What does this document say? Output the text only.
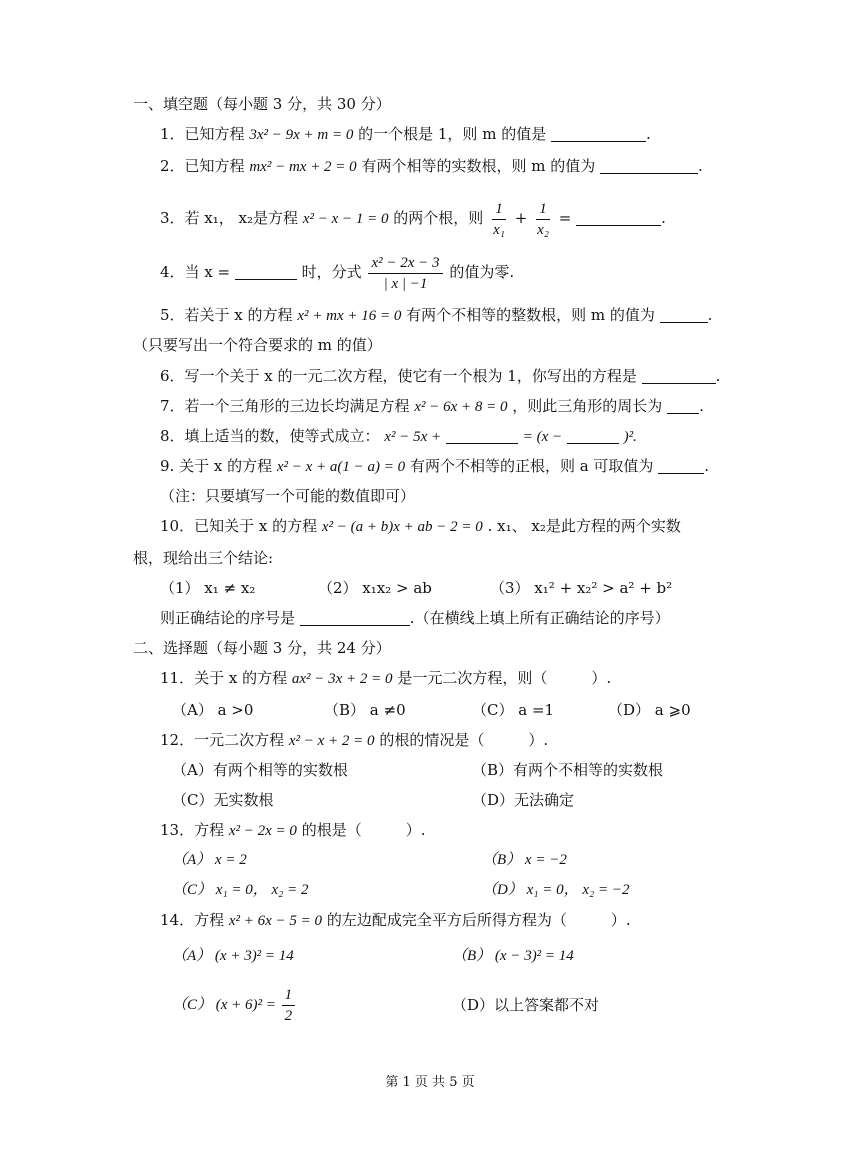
一、填空题（每小题 3 分，共 30 分）
1．已知方程 3x² − 9x + m = 0 的一个根是 1，则 m 的值是	.
2．已知方程 mx² − mx + 2 = 0 有两个相等的实数根，则 m 的值为	.
3．若 x₁， x₂是方程 x² − x − 1 = 0 的两个根，则 $\frac{1}{\text{x₁}} + \frac{1}{\text{x₂}}$ =	.
4．当 x =	时，分式 $\frac{\text{x² − 2x − 3}}{| x | -1}$ 的值为零.
5．若关于 x 的方程 x² + mx + 16 = 0 有两个不相等的整数根，则 m 的值为	.
（只要写出一个符合要求的 m 的值）
6．写一个关于 x 的一元二次方程，使它有一个根为 1，你写出的方程是	.
7．若一个三角形的三边长均满足方程 x² − 6x + 8 = 0 ，则此三角形的周长为 .
8．填上适当的数，使等式成立： x² − 5x +	= (x −	)².
9. 关于 x 的方程 x² − x + a(1 − a) = 0 有两个不相等的正根，则 a 可取值为	.
（注：只要填写一个可能的数值即可）
10．已知关于 x 的方程 x² − (a + b)x + ab − 2 = 0 . x₁、 x₂是此方程的两个实数
根，现给出三个结论:
（1） x₁ ≠ x₂	（2） x₁x₂ > ab	（3） x₁² + x₂² > a² + b²
则正确结论的序号是	.（在横线上填上所有正确结论的序号）
二、选择题（每小题 3 分，共 24 分）
11．关于 x 的方程 ax² − 3x + 2 = 0 是一元二次方程，则（	）.
（A） a >0	（B） a ≠0	（C） a =1	（D） a ⩾0
12．一元二次方程 x² − x + 2 = 0 的根的情况是（	）.
（A）有两个相等的实数根	（B）有两个不相等的实数根
（C）无实数根	（D）无法确定
13．方程 x² − 2x = 0 的根是（	）.
（A） x = 2	（B） x = −2
（C） x₁ = 0， x₂ = 2	（D） x₁ = 0， x₂ = −2
14．方程 x² + 6x − 5 = 0 的左边配成完全平方后所得方程为（	）.
（A） (x + 3)² = 14	（B） (x − 3)² = 14
（C） $(x + 6)^2 = \frac{1}{2}$	（D）以上答案都不对
第 1 页 共 5 页
